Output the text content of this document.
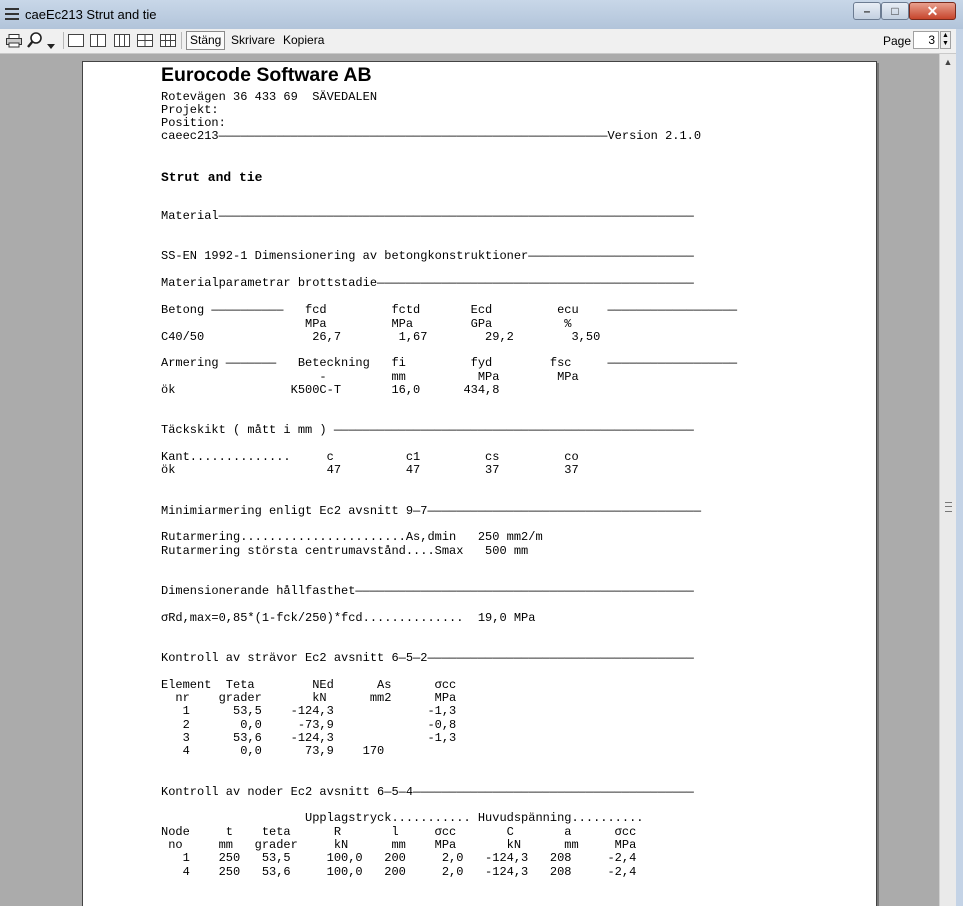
caeEc213 Strut and tie	–	□	✕
Stäng Skrivare Kopiera	Page	3	▲
▼
Eurocode Software AB
Rotevägen 36 433 69  SÄVEDALEN
Projekt:
Position:
caeec213——————————————————————————————————————————————————————Version 2.1.0
Strut and tie
Material——————————————————————————————————————————————————————————————————
SS-EN 1992-1 Dimensionering av betongkonstruktioner———————————————————————
Materialparametrar brottstadie————————————————————————————————————————————
Betong ——————————   fcd         fctd       Ecd         ecu    ——————————————————
MPa         MPa        GPa          %
C40/50               26,7        1,67        29,2        3,50
Armering ———————   Beteckning   fi         fyd        fsc     ——————————————————
-         mm          MPa        MPa
ök                K500C-T       16,0      434,8
Täckskikt ( mått i mm ) ——————————————————————————————————————————————————
Kant..............     c          c1         cs         co
ök                     47         47         37         37
Minimiarmering enligt Ec2 avsnitt 9—7——————————————————————————————————————
Rutarmering.......................As,dmin   250 mm2/m
Rutarmering största centrumavstånd....Smax   500 mm
Dimensionerande hållfasthet———————————————————————————————————————————————
σRd,max=0,85*(1-fck/250)*fcd..............  19,0 MPa
Kontroll av strävor Ec2 avsnitt 6—5—2—————————————————————————————————————
Element  Teta        NEd      As      σcc
nr    grader       kN      mm2      MPa
1      53,5    -124,3             -1,3
2       0,0     -73,9             -0,8
3      53,6    -124,3             -1,3
4       0,0      73,9    170
Kontroll av noder Ec2 avsnitt 6—5—4———————————————————————————————————————
Upplagstryck........... Huvudspänning..........
Node     t    teta      R       l     σcc       C       a      σcc
no     mm   grader     kN      mm    MPa       kN      mm     MPa
1    250   53,5     100,0   200     2,0   -124,3   208     -2,4
4    250   53,6     100,0   200     2,0   -124,3   208     -2,4
▲
